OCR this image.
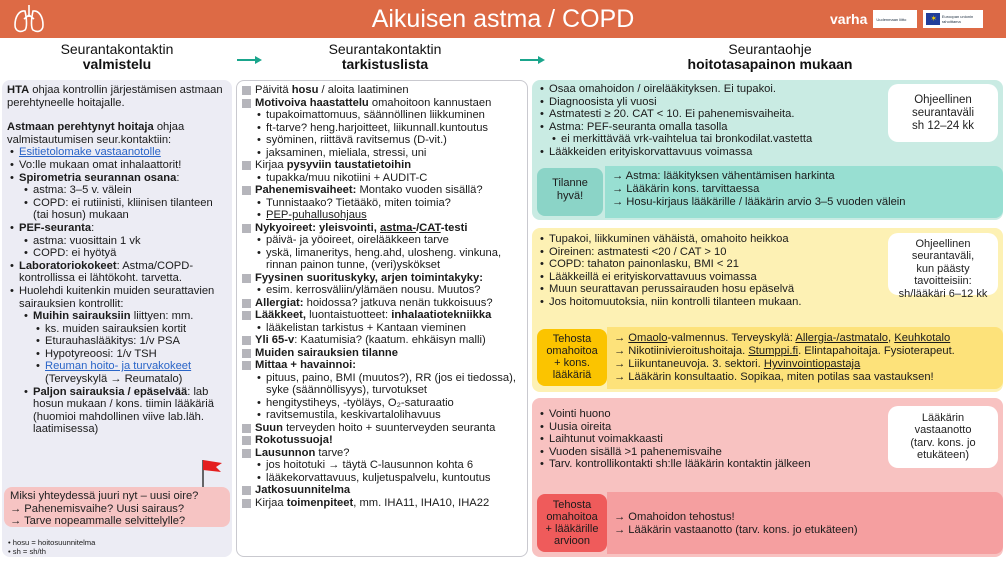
Aikuisen astma / COPD	varha Uudenmaan liitto	✶ Euroopan unionin rahoittama
Seurantakontaktin
valmistelu
Seurantakontaktin
tarkistuslista
Seurantaohje
hoitotasapainon mukaan

HTA ohjaa kontrollin järjestämisen astmaan perehtyneelle hoitajalle.

Astmaan perehtynyt hoitaja ohjaa valmistautumisen seur.kontaktiin:

• Esitietolomake vastaanotolle
• Vo:lle mukaan omat inhalaattorit!
• Spirometria seurannan osana:
• astma: 3–5 v. välein
• COPD: ei rutiinisti, kliinisen tilanteen (tai hosun) mukaan
• PEF-seuranta:
• astma: vuosittain 1 vk
• COPD: ei hyötyä
• Laboratoriokokeet: Astma/COPD-kontrollissa ei lähtökoht. tarvetta.
• Huolehdi kuitenkin muiden seurattavien sairauksien kontrollit:
• Muihin sairauksiin liittyen: mm.
• ks. muiden sairauksien kortit
• Eturauhaslääkitys: 1/v PSA
• Hypotyreoosi: 1/v TSH
• Reuman hoito- ja turvakokeet
(Terveyskylä → Reumatalo)
• Paljon sairauksia / epäselvää: lab hosun mukaan / kons. tiimin lääkäriä (huomioi mahdollinen viive lab.läh. laatimisessa)
Miksi yhteydessä juuri nyt – uusi oire?
→ Pahenemisvaihe? Uusi sairaus?
→ Tarve nopeammalle selvittelylle?
• hosu = hoitosuunnitelma
• sh = sh/th
Päivitä hosu / aloita laatiminen
Motivoiva haastattelu omahoitoon kannustaen
• tupakoimattomuus, säännöllinen liikkuminen
• ft-tarve? heng.harjoitteet, liikunnall.kuntoutus
• syöminen, riittävä ravitsemus (D-vit.)
• jaksaminen, mieliala, stressi, uni
Kirjaa pysyviin taustatietoihin
• tupakka/muu nikotiini + AUDIT-C
Pahenemisvaiheet: Montako vuoden sisällä?
• Tunnistaako? Tietääkö, miten toimia?
• PEP-puhallusohjaus
Nykyoireet: yleisvointi, astma-/CAT-testi
• päivä- ja yöoireet, oirelääkkeen tarve
• yskä, limaneritys, heng.ahd, ulosheng. vinkuna, rinnan painon tunne, (veri)yskökset
Fyysinen suorituskyky, arjen toimintakyky:
• esim. kerrosväliin/ylämäen nousu. Muutos?
Allergiat: hoidossa? jatkuva nenän tukkoisuus?
Lääkkeet, luontaistuotteet: inhalaatiotekniikka
• lääkelistan tarkistus + Kantaan vieminen
Yli 65-v: Kaatumisia? (kaatum. ehkäisyn malli)
Muiden sairauksien tilanne
Mittaa + havainnoi:
• pituus, paino, BMI (muutos?), RR (jos ei tiedossa), syke (säännöllisyys), turvotukset
• hengitystiheys, -työläys, O₂-saturaatio
• ravitsemustila, keskivartalolihavuus
Suun terveyden hoito + suunterveyden seuranta
Rokotussuoja!
Lausunnon tarve?
• jos hoitotuki → täytä C-lausunnon kohta 6
• lääkekorvattavuus, kuljetuspalvelu, kuntoutus
Jatkosuunnitelma
Kirjaa toimenpiteet, mm. IHA11, IHA10, IHA22
• Osaa omahoidon / oirelääkityksen. Ei tupakoi.
• Diagnoosista yli vuosi
• Astmatesti ≥ 20. CAT < 10. Ei pahenemisvaiheita.
• Astma: PEF-seuranta omalla tasolla
• ei merkittävää vrk-vaihtelua tai bronkodilat.vastetta
• Lääkkeiden erityiskorvattavuus voimassa
Ohjeellinen
seurantaväli
sh 12–24 kk
Tilanne
hyvä!
→ Astma: lääkityksen vähentämisen harkinta
→ Lääkärin kons. tarvittaessa
→ Hosu-kirjaus lääkärille / lääkärin arvio 3–5 vuoden välein
• Tupakoi, liikkuminen vähäistä, omahoito heikkoa
• Oireinen: astmatesti <20 / CAT > 10
• COPD: tahaton painonlasku, BMI < 21
• Lääkkeillä ei erityiskorvattavuus voimassa
• Muun seurattavan perussairauden hosu epäselvä
• Jos hoitomuutoksia, niin kontrolli tilanteen mukaan.
Ohjeellinen
seurantaväli,
kun päästy tavoitteisiin:
sh/lääkäri 6–12 kk
Tehosta
omahoitoa
+ kons.
lääkäriä
→ Omaolo-valmennus. Terveyskylä: Allergia-/astmatalo, Keuhkotalo
→ Nikotiinivieroitushoitaja. Stumppi.fi. Elintapahoitaja. Fysioterapeut.
→ Liikuntaneuvoja. 3. sektori. Hyvinvointiopastaja
→ Lääkärin konsultaatio. Sopikaa, miten potilas saa vastauksen!
• Vointi huono
• Uusia oireita
• Laihtunut voimakkaasti
• Vuoden sisällä >1 pahenemisvaihe
• Tarv. kontrollikontakti sh:lle lääkärin kontaktin jälkeen
Lääkärin
vastaanotto
(tarv. kons. jo
etukäteen)
Tehosta
omahoitoa
+ lääkärille
arvioon
→ Omahoidon tehostus!
→ Lääkärin vastaanotto (tarv. kons. jo etukäteen)
